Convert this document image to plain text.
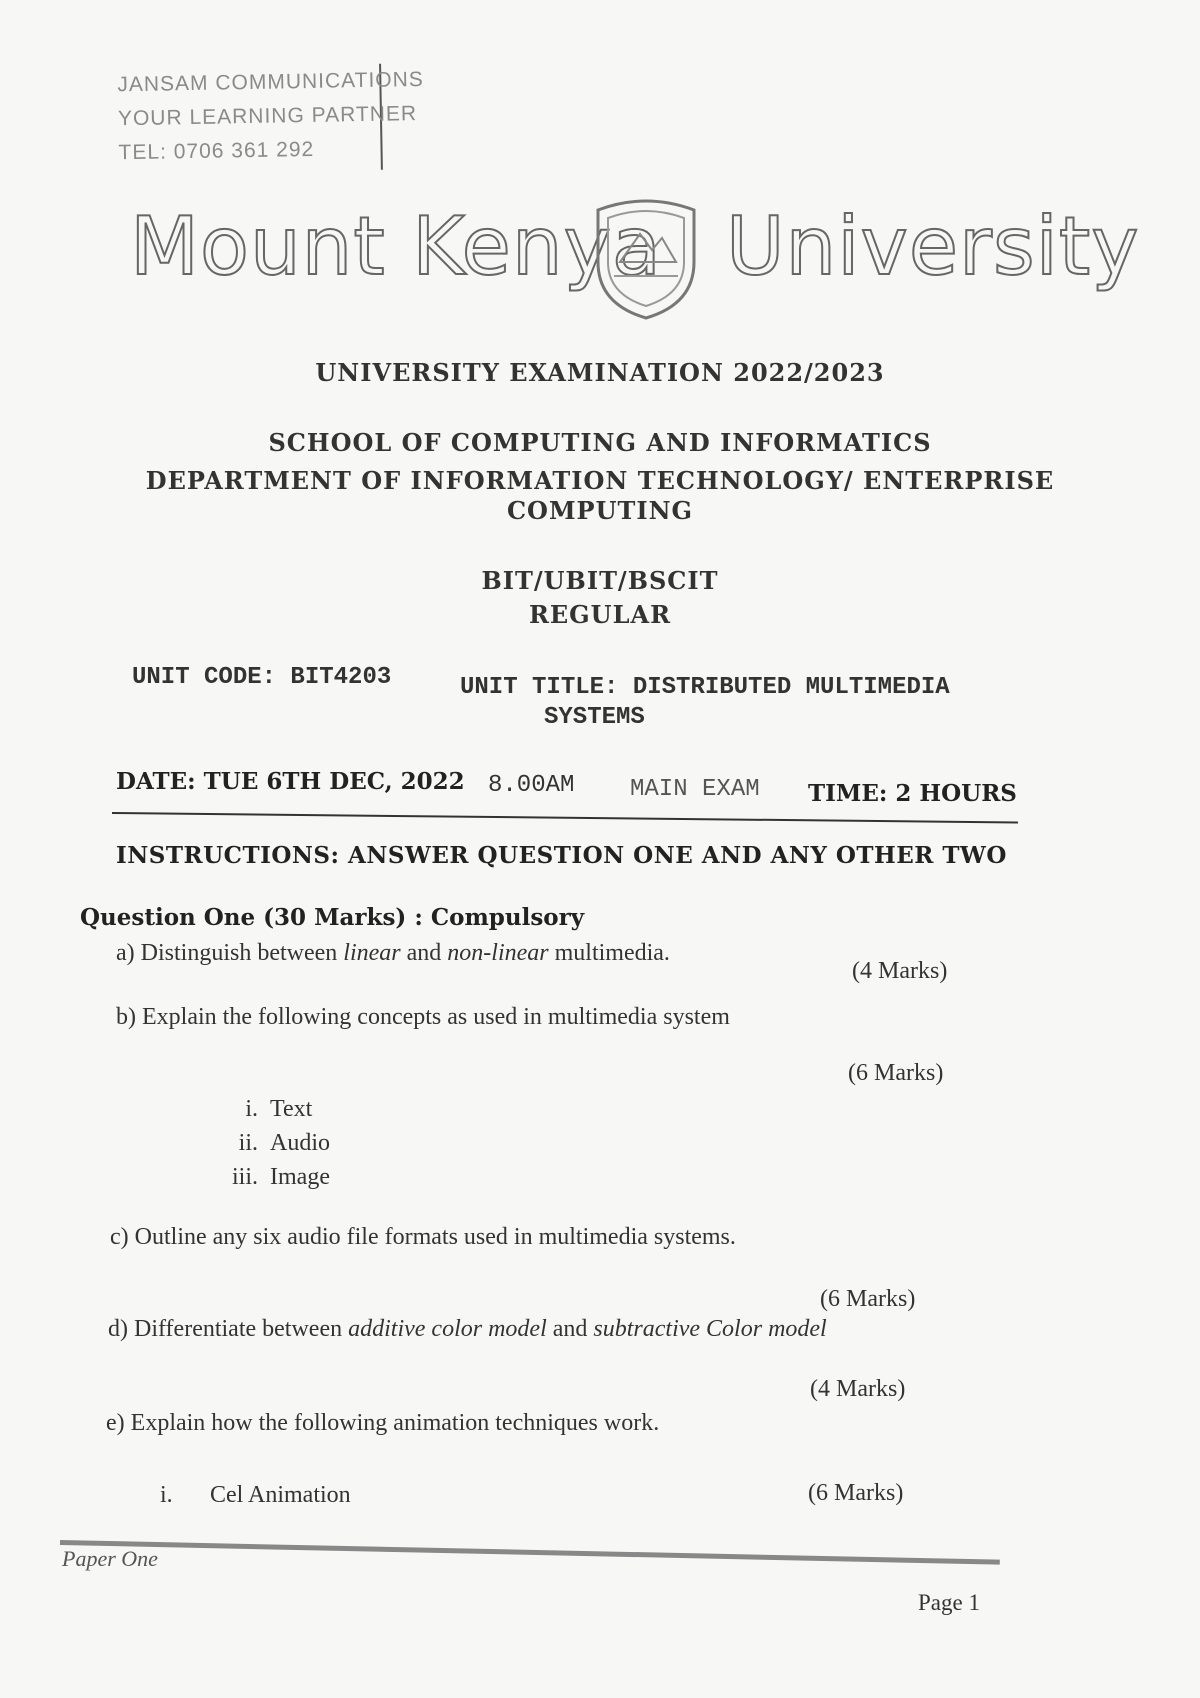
JANSAM COMMUNICATIONS
YOUR LEARNING PARTNER
TEL: 0706 361 292
Mount Kenya University
UNIVERSITY EXAMINATION 2022/2023
SCHOOL OF COMPUTING AND INFORMATICS
DEPARTMENT OF INFORMATION TECHNOLOGY/ ENTERPRISE
COMPUTING
BIT/UBIT/BSCIT
REGULAR
UNIT CODE: BIT4203	UNIT TITLE: DISTRIBUTED MULTIMEDIA
SYSTEMS
DATE: TUE 6TH DEC, 2022 8.00AM MAIN EXAM TIME: 2 HOURS
INSTRUCTIONS: ANSWER QUESTION ONE AND ANY OTHER TWO
Question One (30 Marks) : Compulsory
a) Distinguish between linear and non-linear multimedia.
(4 Marks)
b) Explain the following concepts as used in multimedia system
(6 Marks)
i. Text
ii. Audio
iii. Image
c) Outline any six audio file formats used in multimedia systems.
(6 Marks)
d) Differentiate between additive color model and subtractive Color model
(4 Marks)
e) Explain how the following animation techniques work.
i. Cel Animation	(6 Marks)
Paper One
Page 1
